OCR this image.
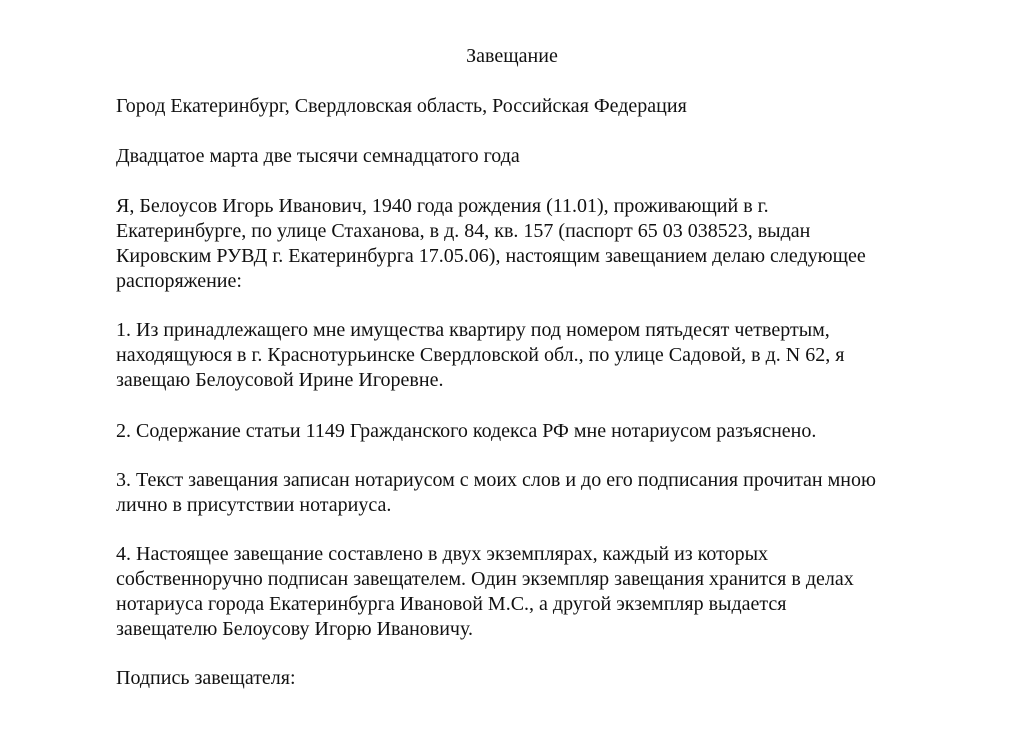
Завещание
Город Екатеринбург, Свердловская область, Российская Федерация
Двадцатое марта две тысячи семнадцатого года
Я, Белоусов Игорь Иванович, 1940 года рождения (11.01), проживающий в г.
Екатеринбурге, по улице Стаханова, в д. 84, кв. 157 (паспорт 65 03 038523, выдан
Кировским РУВД г. Екатеринбурга 17.05.06), настоящим завещанием делаю следующее
распоряжение:
1. Из принадлежащего мне имущества квартиру под номером пятьдесят четвертым,
находящуюся в г. Краснотурьинске Свердловской обл., по улице Садовой, в д. N 62, я
завещаю Белоусовой Ирине Игоревне.
2. Содержание статьи 1149 Гражданского кодекса РФ мне нотариусом разъяснено.
3. Текст завещания записан нотариусом с моих слов и до его подписания прочитан мною
лично в присутствии нотариуса.
4. Настоящее завещание составлено в двух экземплярах, каждый из которых
собственноручно подписан завещателем. Один экземпляр завещания хранится в делах
нотариуса города Екатеринбурга Ивановой М.С., а другой экземпляр выдается
завещателю Белоусову Игорю Ивановичу.
Подпись завещателя:
